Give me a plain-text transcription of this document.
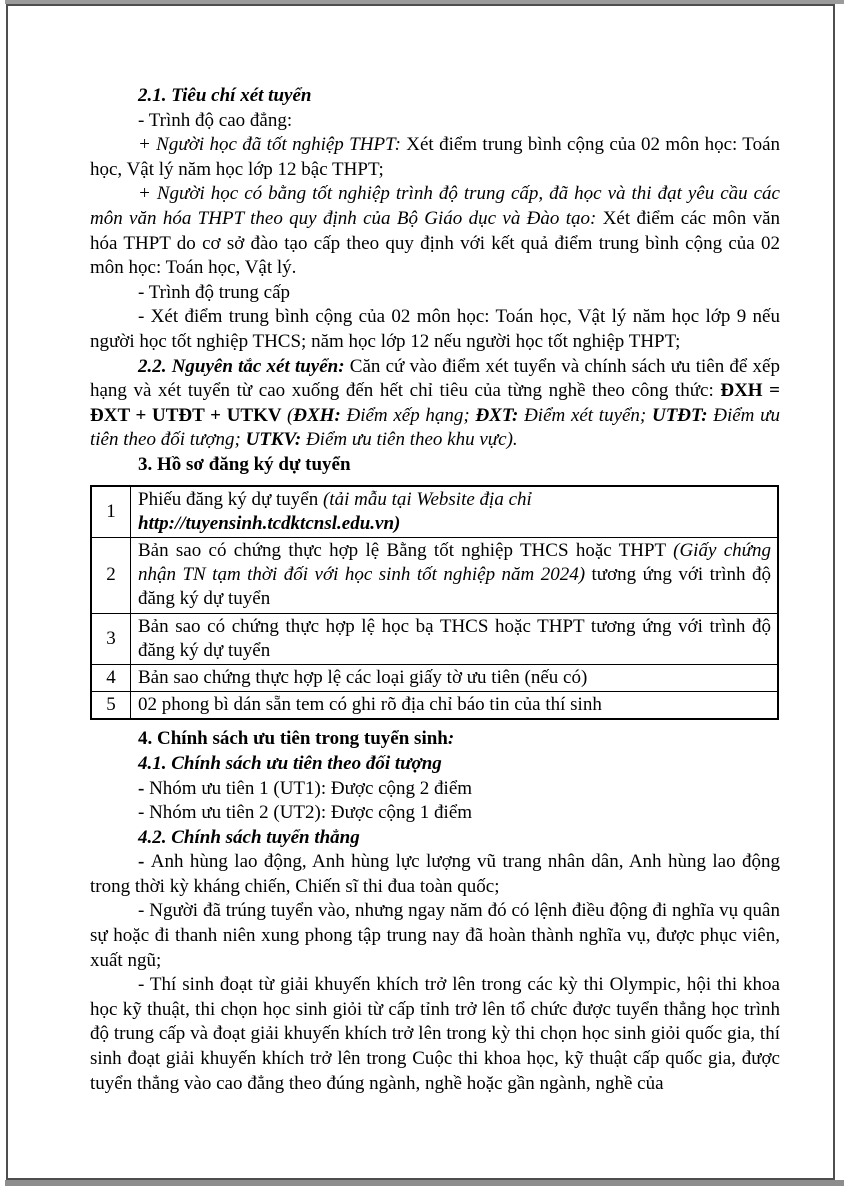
2.1. Tiêu chí xét tuyển

- Trình độ cao đẳng:

+ Người học đã tốt nghiệp THPT: Xét điểm trung bình cộng của 02 môn học: Toán học, Vật lý năm học lớp 12 bậc THPT;

+ Người học có bằng tốt nghiệp trình độ trung cấp, đã học và thi đạt yêu cầu các môn văn hóa THPT theo quy định của Bộ Giáo dục và Đào tạo: Xét điểm các môn văn hóa THPT do cơ sở đào tạo cấp theo quy định với kết quả điểm trung bình cộng của 02 môn học: Toán học, Vật lý.

- Trình độ trung cấp

- Xét điểm trung bình cộng của 02 môn học: Toán học, Vật lý năm học lớp 9 nếu người học tốt nghiệp THCS; năm học lớp 12 nếu người học tốt nghiệp THPT;

2.2. Nguyên tắc xét tuyển: Căn cứ vào điểm xét tuyển và chính sách ưu tiên để xếp hạng và xét tuyển từ cao xuống đến hết chỉ tiêu của từng nghề theo công thức: ĐXH = ĐXT + UTĐT + UTKV (ĐXH: Điểm xếp hạng; ĐXT: Điểm xét tuyển; UTĐT: Điểm ưu tiên theo đối tượng; UTKV: Điểm ưu tiên theo khu vực).

3. Hồ sơ đăng ký dự tuyển

1	Phiếu đăng ký dự tuyển (tải mẫu tại Website địa chỉ
http://tuyensinh.tcdktcnsl.edu.vn)
2	Bản sao có chứng thực hợp lệ Bằng tốt nghiệp THCS hoặc THPT (Giấy chứng nhận TN tạm thời đối với học sinh tốt nghiệp năm 2024) tương ứng với trình độ đăng ký dự tuyển
3	Bản sao có chứng thực hợp lệ học bạ THCS hoặc THPT tương ứng với trình độ đăng ký dự tuyển
4	Bản sao chứng thực hợp lệ các loại giấy tờ ưu tiên (nếu có)
5	02 phong bì dán sẵn tem có ghi rõ địa chỉ báo tin của thí sinh

4. Chính sách ưu tiên trong tuyển sinh:

4.1. Chính sách ưu tiên theo đối tượng

- Nhóm ưu tiên 1 (UT1): Được cộng 2 điểm

- Nhóm ưu tiên 2 (UT2): Được cộng 1 điểm

4.2. Chính sách tuyển thẳng

- Anh hùng lao động, Anh hùng lực lượng vũ trang nhân dân, Anh hùng lao động trong thời kỳ kháng chiến, Chiến sĩ thi đua toàn quốc;

- Người đã trúng tuyển vào, nhưng ngay năm đó có lệnh điều động đi nghĩa vụ quân sự hoặc đi thanh niên xung phong tập trung nay đã hoàn thành nghĩa vụ, được phục viên, xuất ngũ;

- Thí sinh đoạt từ giải khuyến khích trở lên trong các kỳ thi Olympic, hội thi khoa học kỹ thuật, thi chọn học sinh giỏi từ cấp tỉnh trở lên tổ chức được tuyển thẳng học trình độ trung cấp và đoạt giải khuyến khích trở lên trong kỳ thi chọn học sinh giỏi quốc gia, thí sinh đoạt giải khuyến khích trở lên trong Cuộc thi khoa học, kỹ thuật cấp quốc gia, được tuyển thẳng vào cao đẳng theo đúng ngành, nghề hoặc gần ngành, nghề của
